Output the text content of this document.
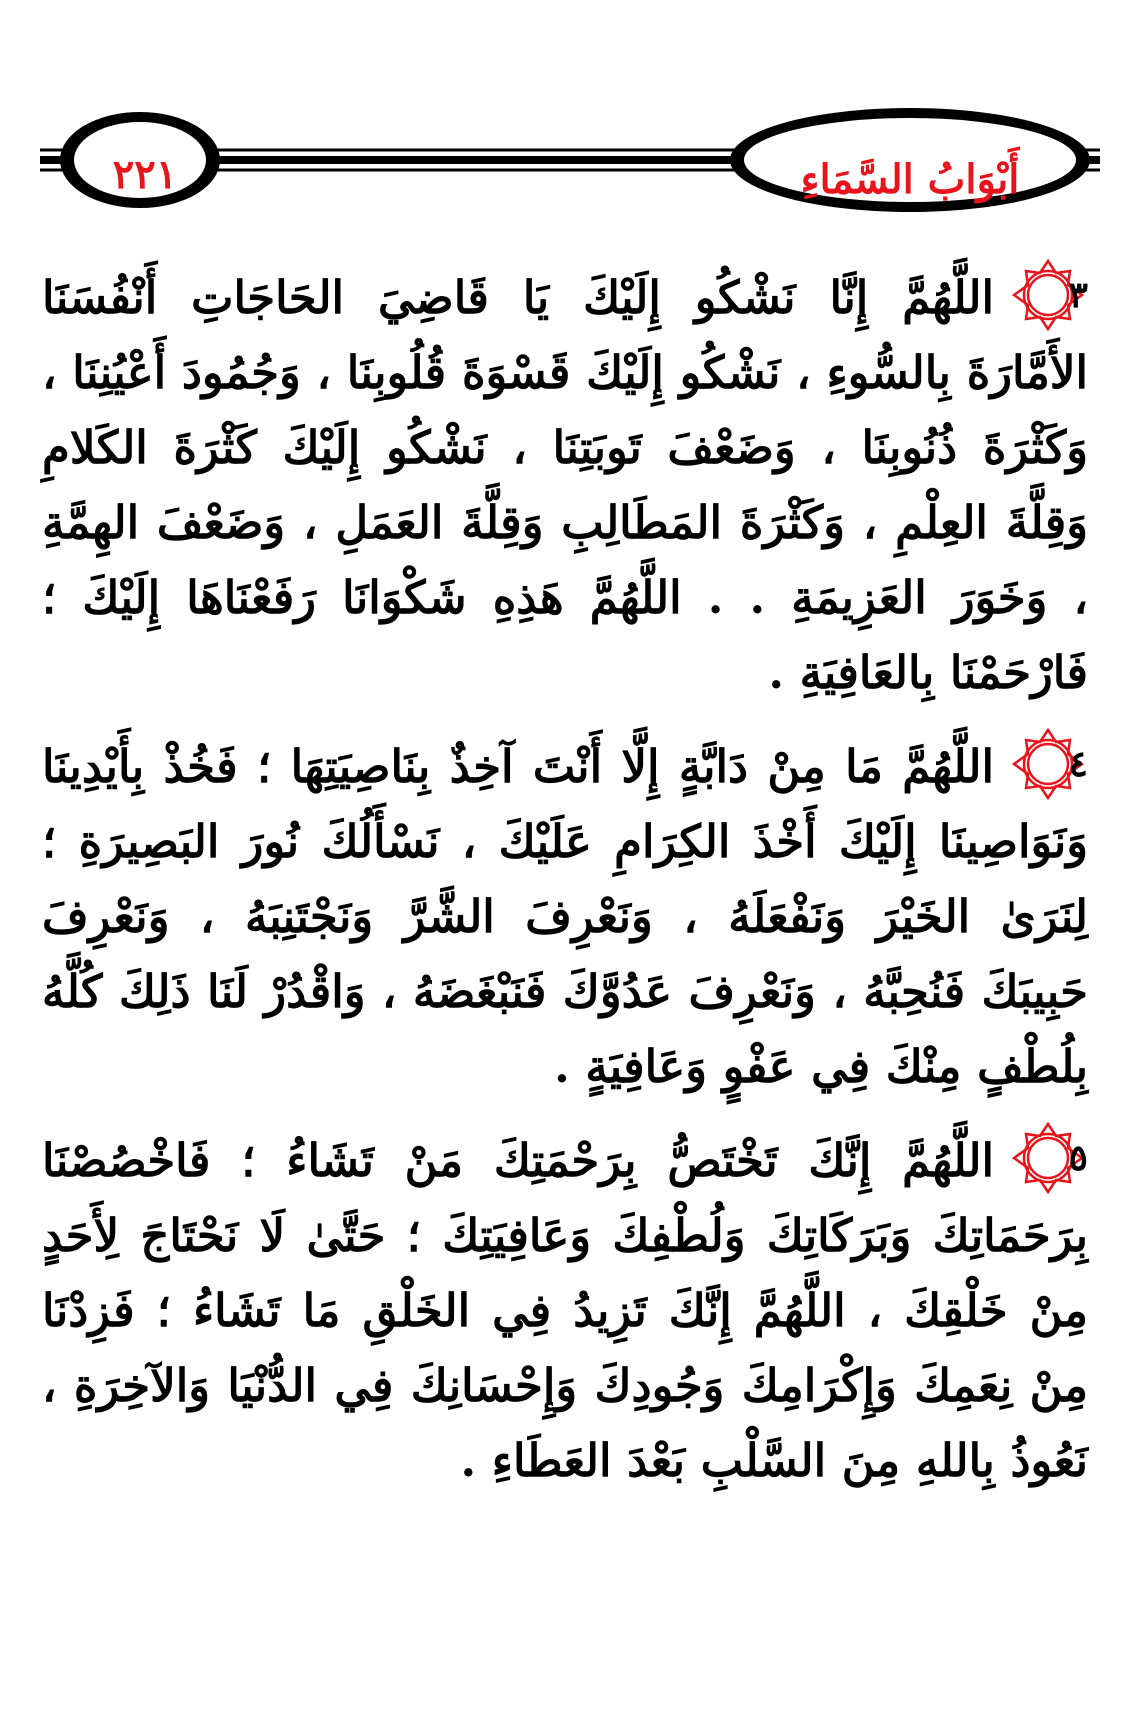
أَبْوَابُ السَّمَاءِ
٢٢١

٣
اللَّهُمَّ إِنَّا نَشْكُو إِلَيْكَ يَا قَاضِيَ الحَاجَاتِ أَنْفُسَنَا الأَمَّارَةَ بِالسُّوءِ ، نَشْكُو إِلَيْكَ قَسْوَةَ قُلُوبِنَا ، وَجُمُودَ أَعْيُنِنَا ، وَكَثْرَةَ ذُنُوبِنَا ، وَضَعْفَ تَوبَتِنَا ، نَشْكُو إِلَيْكَ كَثْرَةَ الكَلامِ وَقِلَّةَ العِلْمِ ، وَكَثْرَةَ المَطَالِبِ وَقِلَّةَ العَمَلِ ، وَضَعْفَ الهِمَّةِ ، وَخَوَرَ العَزِيمَةِ . . اللَّهُمَّ هَذِهِ شَكْوَانَا رَفَعْنَاهَا إِلَيْكَ ؛ فَارْحَمْنَا بِالعَافِيَةِ .

٤
اللَّهُمَّ مَا مِنْ دَابَّةٍ إِلَّا أَنْتَ آخِذٌ بِنَاصِيَتِهَا ؛ فَخُذْ بِأَيْدِينَا وَنَوَاصِينَا إِلَيْكَ أَخْذَ الكِرَامِ عَلَيْكَ ، نَسْأَلُكَ نُورَ البَصِيرَةِ ؛ لِنَرَىٰ الخَيْرَ وَنَفْعَلَهُ ، وَنَعْرِفَ الشَّرَّ وَنَجْتَنِبَهُ ، وَنَعْرِفَ حَبِيبَكَ فَنُحِبَّهُ ، وَنَعْرِفَ عَدُوَّكَ فَنَبْغَضَهُ ، وَاقْدُرْ لَنَا ذَلِكَ كُلَّهُ بِلُطْفٍ مِنْكَ فِي عَفْوٍ وَعَافِيَةٍ .

٥
اللَّهُمَّ إِنَّكَ تَخْتَصُّ بِرَحْمَتِكَ مَنْ تَشَاءُ ؛ فَاخْصُصْنَا بِرَحَمَاتِكَ وَبَرَكَاتِكَ وَلُطْفِكَ وَعَافِيَتِكَ ؛ حَتَّىٰ لَا نَحْتَاجَ لِأَحَدٍ مِنْ خَلْقِكَ ، اللَّهُمَّ إِنَّكَ تَزِيدُ فِي الخَلْقِ مَا تَشَاءُ ؛ فَزِدْنَا مِنْ نِعَمِكَ وَإِكْرَامِكَ وَجُودِكَ وَإِحْسَانِكَ فِي الدُّنْيَا وَالآخِرَةِ ، نَعُوذُ بِاللهِ مِنَ السَّلْبِ بَعْدَ العَطَاءِ .
